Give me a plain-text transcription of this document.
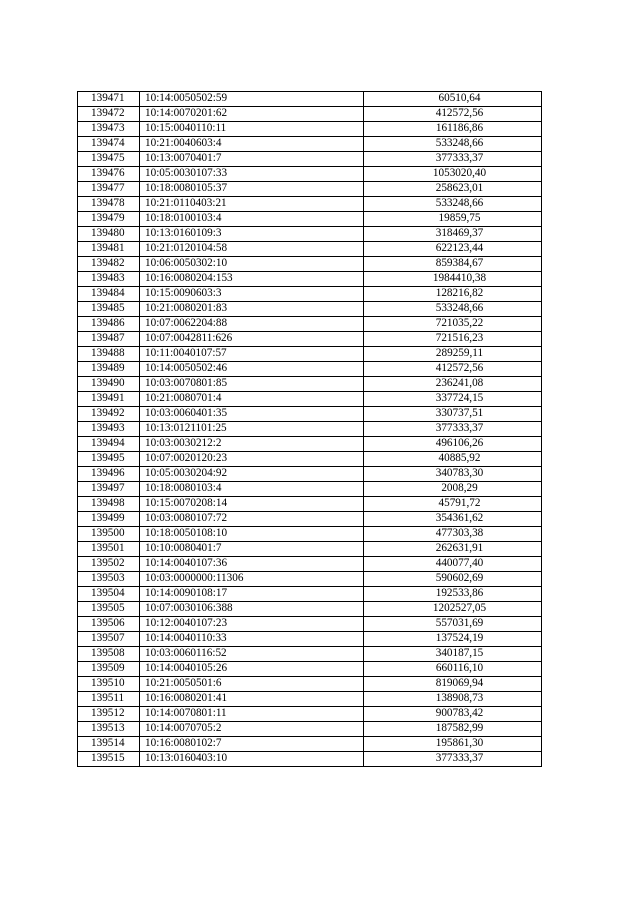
139471	10:14:0050502:59	60510,64
139472	10:14:0070201:62	412572,56
139473	10:15:0040110:11	161186,86
139474	10:21:0040603:4	533248,66
139475	10:13:0070401:7	377333,37
139476	10:05:0030107:33	1053020,40
139477	10:18:0080105:37	258623,01
139478	10:21:0110403:21	533248,66
139479	10:18:0100103:4	19859,75
139480	10:13:0160109:3	318469,37
139481	10:21:0120104:58	622123,44
139482	10:06:0050302:10	859384,67
139483	10:16:0080204:153	1984410,38
139484	10:15:0090603:3	128216,82
139485	10:21:0080201:83	533248,66
139486	10:07:0062204:88	721035,22
139487	10:07:0042811:626	721516,23
139488	10:11:0040107:57	289259,11
139489	10:14:0050502:46	412572,56
139490	10:03:0070801:85	236241,08
139491	10:21:0080701:4	337724,15
139492	10:03:0060401:35	330737,51
139493	10:13:0121101:25	377333,37
139494	10:03:0030212:2	496106,26
139495	10:07:0020120:23	40885,92
139496	10:05:0030204:92	340783,30
139497	10:18:0080103:4	2008,29
139498	10:15:0070208:14	45791,72
139499	10:03:0080107:72	354361,62
139500	10:18:0050108:10	477303,38
139501	10:10:0080401:7	262631,91
139502	10:14:0040107:36	440077,40
139503	10:03:0000000:11306	590602,69
139504	10:14:0090108:17	192533,86
139505	10:07:0030106:388	1202527,05
139506	10:12:0040107:23	557031,69
139507	10:14:0040110:33	137524,19
139508	10:03:0060116:52	340187,15
139509	10:14:0040105:26	660116,10
139510	10:21:0050501:6	819069,94
139511	10:16:0080201:41	138908,73
139512	10:14:0070801:11	900783,42
139513	10:14:0070705:2	187582,99
139514	10:16:0080102:7	195861,30
139515	10:13:0160403:10	377333,37
